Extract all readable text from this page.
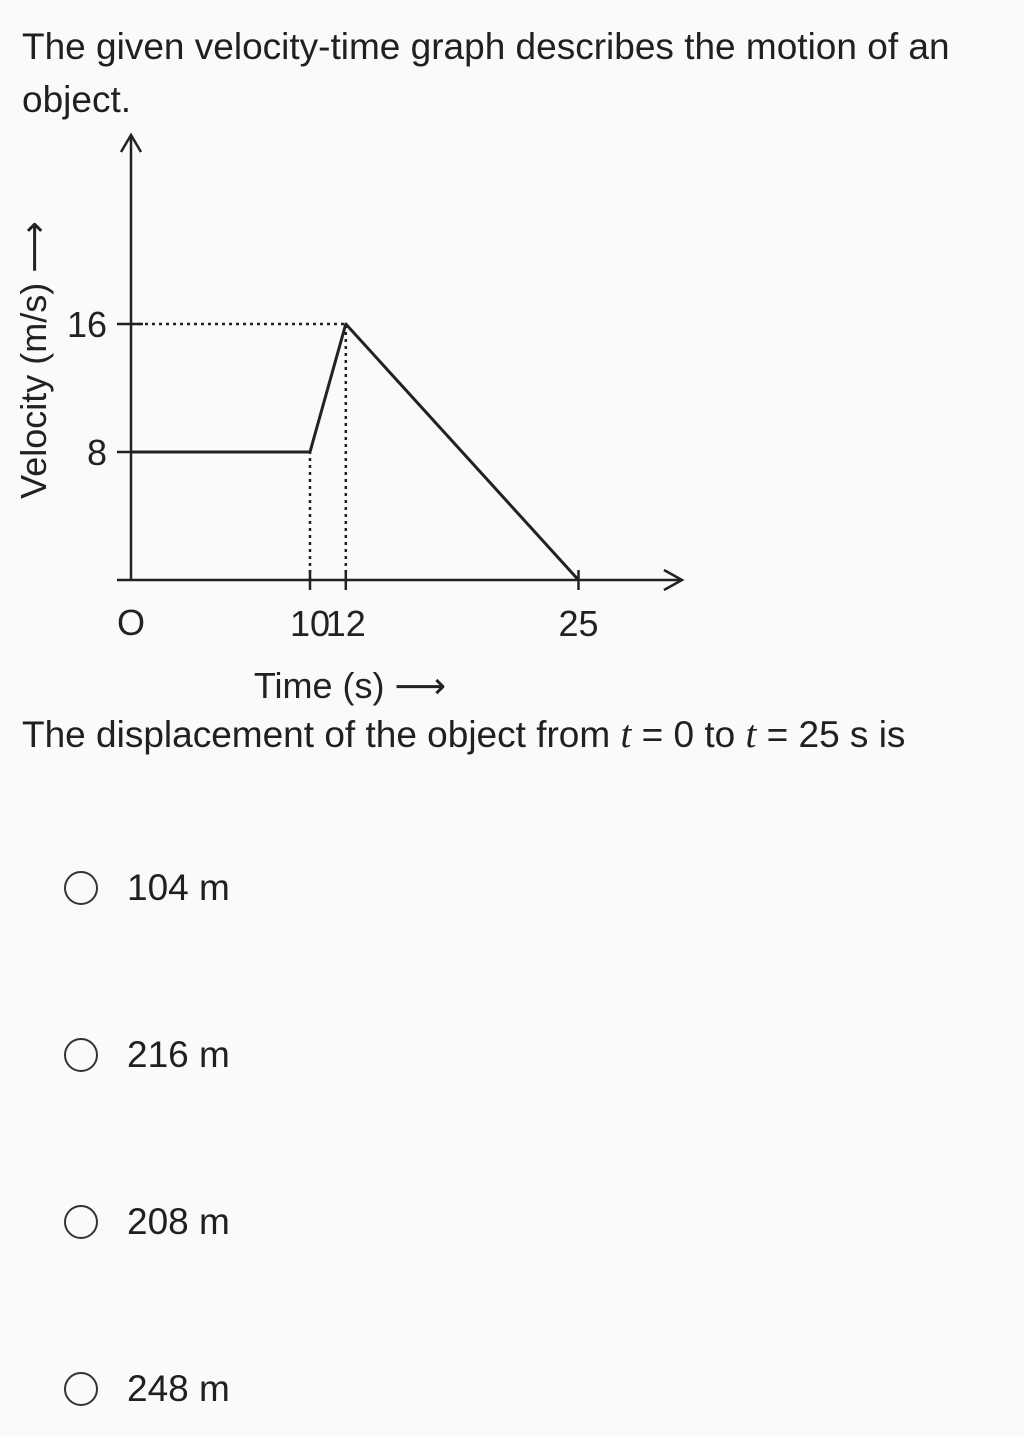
The given velocity-time graph describes the motion of an object.
10
12	25
8
16
O
Time (s) ⟶
Velocity (m/s) ⟶
The displacement of the object from t = 0 to t = 25 s is
104 m
216 m
208 m
248 m
